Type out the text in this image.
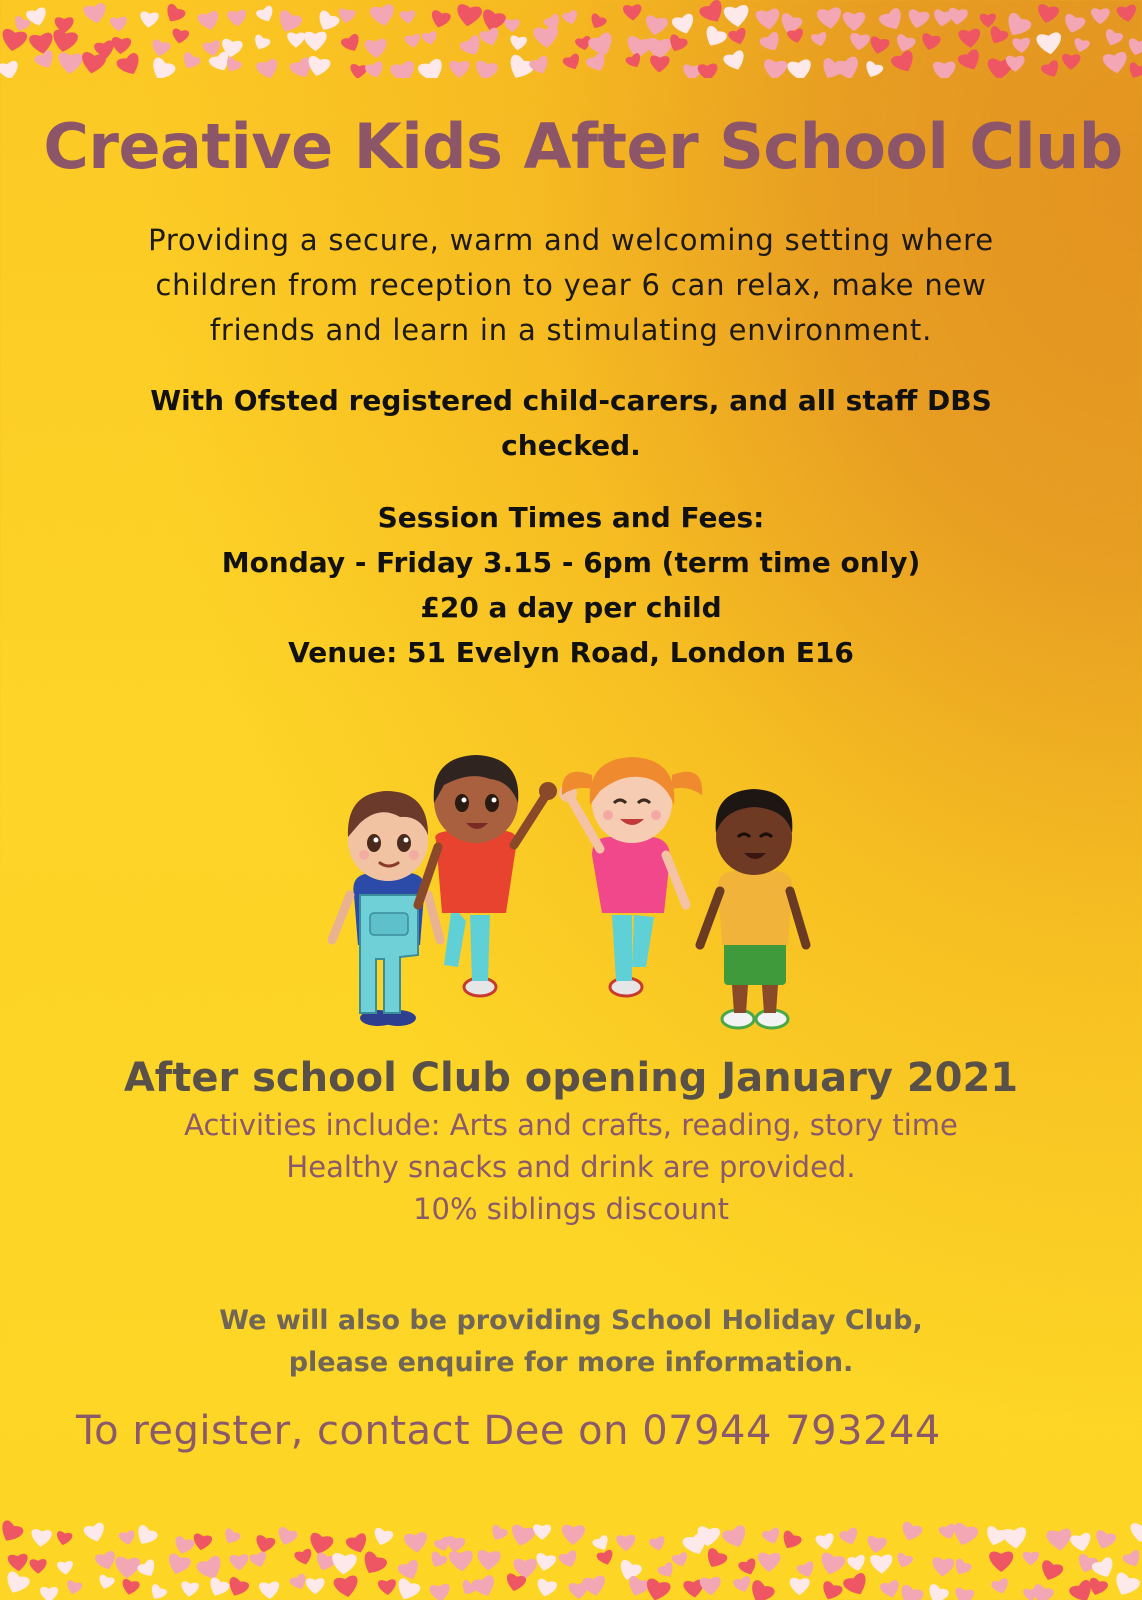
Creative Kids After School Club
Providing a secure, warm and welcoming setting where
children from reception to year 6 can relax, make new
friends and learn in a stimulating environment.
With Ofsted registered child-carers, and all staff DBS
checked.
Session Times and Fees:
Monday - Friday 3.15 - 6pm (term time only)
£20 a day per child
Venue: 51 Evelyn Road, London E16
After school Club opening January 2021
Activities include: Arts and crafts, reading, story time
Healthy snacks and drink are provided.
10% siblings discount
We will also be providing School Holiday Club,
please enquire for more information.
To register, contact Dee on 07944 793244
